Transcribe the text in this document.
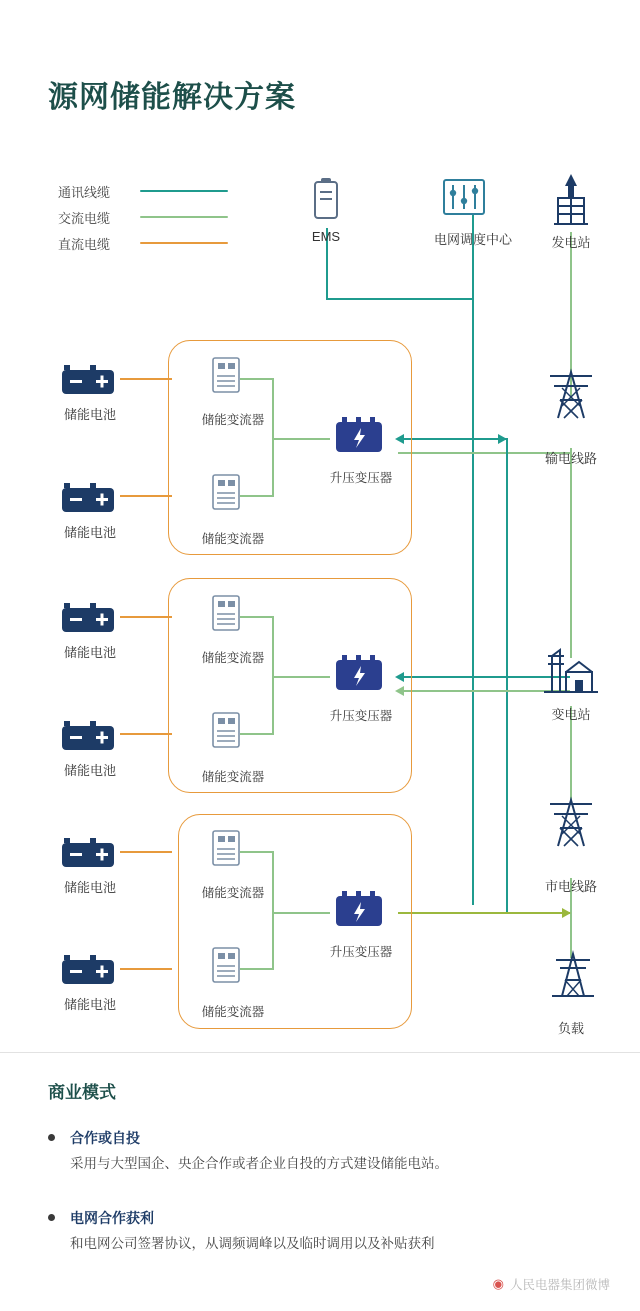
源网储能解决方案
通讯线缆
交流电缆
直流电缆	EMS	电网调度中心	发电站
输电线路
变电站
市电线路
负载
储能电池
储能电池
储能电池
储能电池
储能电池
储能电池
储能变流器
储能变流器
储能变流器
储能变流器
储能变流器
储能变流器
升压变压器
升压变压器
升压变压器
商业模式
合作或自投
采用与大型国企、央企合作或者企业自投的方式建设储能电站。
电网合作获利
和电网公司签署协议，从调频调峰以及临时调用以及补贴获利
◉ 人民电器集团微博
